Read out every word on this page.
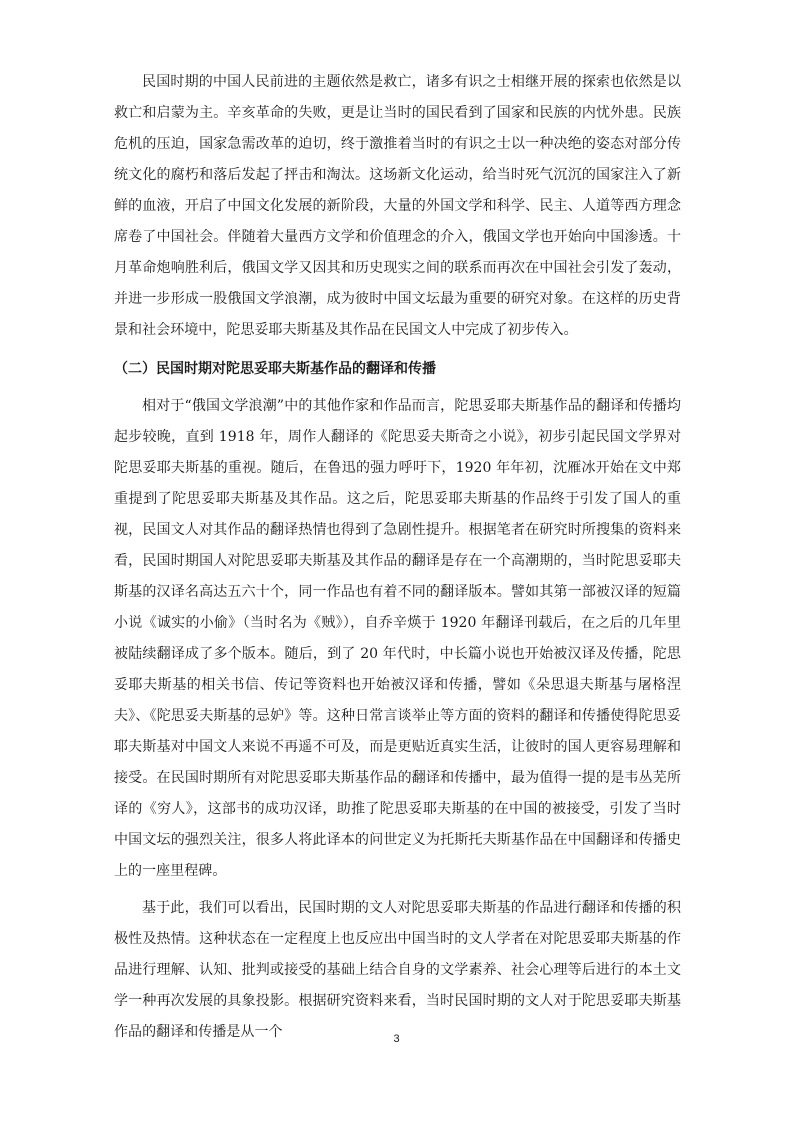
民国时期的中国人民前进的主题依然是救亡，诸多有识之士相继开展的探索也依然是以救亡和启蒙为主。辛亥革命的失败，更是让当时的国民看到了国家和民族的内忧外患。民族危机的压迫，国家急需改革的迫切，终于激推着当时的有识之士以一种决绝的姿态对部分传统文化的腐朽和落后发起了抨击和淘汰。这场新文化运动，给当时死气沉沉的国家注入了新鲜的血液，开启了中国文化发展的新阶段，大量的外国文学和科学、民主、人道等西方理念席卷了中国社会。伴随着大量西方文学和价值理念的介入，俄国文学也开始向中国渗透。十月革命炮响胜利后，俄国文学又因其和历史现实之间的联系而再次在中国社会引发了轰动，并进一步形成一股俄国文学浪潮，成为彼时中国文坛最为重要的研究对象。在这样的历史背景和社会环境中，陀思妥耶夫斯基及其作品在民国文人中完成了初步传入。

（二）民国时期对陀思妥耶夫斯基作品的翻译和传播

相对于“俄国文学浪潮”中的其他作家和作品而言，陀思妥耶夫斯基作品的翻译和传播均起步较晚，直到 1918 年，周作人翻译的《陀思妥夫斯奇之小说》，初步引起民国文学界对陀思妥耶夫斯基的重视。随后，在鲁迅的强力呼吁下，1920 年年初，沈雁冰开始在文中郑重提到了陀思妥耶夫斯基及其作品。这之后，陀思妥耶夫斯基的作品终于引发了国人的重视，民国文人对其作品的翻译热情也得到了急剧性提升。根据笔者在研究时所搜集的资料来看，民国时期国人对陀思妥耶夫斯基及其作品的翻译是存在一个高潮期的，当时陀思妥耶夫斯基的汉译名高达五六十个，同一作品也有着不同的翻译版本。譬如其第一部被汉译的短篇小说《诚实的小偷》（当时名为《贼》），自乔辛煐于 1920 年翻译刊载后，在之后的几年里被陆续翻译成了多个版本。随后，到了 20 年代时，中长篇小说也开始被汉译及传播，陀思妥耶夫斯基的相关书信、传记等资料也开始被汉译和传播，譬如《朵思退夫斯基与屠格涅夫》、《陀思妥夫斯基的忌妒》等。这种日常言谈举止等方面的资料的翻译和传播使得陀思妥耶夫斯基对中国文人来说不再遥不可及，而是更贴近真实生活，让彼时的国人更容易理解和接受。在民国时期所有对陀思妥耶夫斯基作品的翻译和传播中，最为值得一提的是韦丛芜所译的《穷人》，这部书的成功汉译，助推了陀思妥耶夫斯基的在中国的被接受，引发了当时中国文坛的强烈关注，很多人将此译本的问世定义为托斯托夫斯基作品在中国翻译和传播史上的一座里程碑。

基于此，我们可以看出，民国时期的文人对陀思妥耶夫斯基的作品进行翻译和传播的积极性及热情。这种状态在一定程度上也反应出中国当时的文人学者在对陀思妥耶夫斯基的作品进行理解、认知、批判或接受的基础上结合自身的文学素养、社会心理等后进行的本土文学一种再次发展的具象投影。根据研究资料来看，当时民国时期的文人对于陀思妥耶夫斯基作品的翻译和传播是从一个	3
